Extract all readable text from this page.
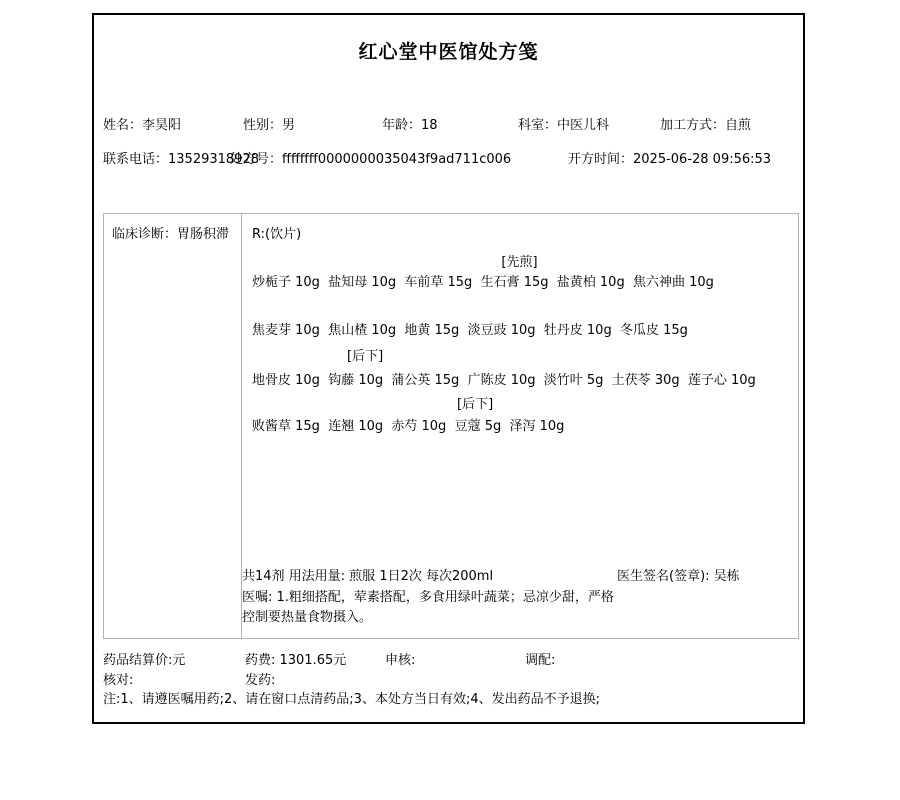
红心堂中医馆处方笺
姓名：李昊阳	性别：男	年龄：18	科室：中医儿科	加工方式：自煎
联系电话：13529318928
处方号：ffffffff0000000035043f9ad711c006	开方时间：2025-06-28 09:56:53
临床诊断：胃肠积滞	R:(饮片)
[先煎]
炒栀子 10g  盐知母 10g  车前草 15g  生石膏 15g  盐黄柏 10g  焦六神曲 10g
焦麦芽 10g  焦山楂 10g  地黄 15g  淡豆豉 10g  牡丹皮 10g  冬瓜皮 15g
[后下]
地骨皮 10g  钩藤 10g  蒲公英 15g  广陈皮 10g  淡竹叶 5g  土茯苓 30g  莲子心 10g
[后下]
败酱草 15g  连翘 10g  赤芍 10g  豆蔻 5g  泽泻 10g
共14剂 用法用量: 煎服 1日2次 每次200ml	医生签名(签章): 吴栋
医嘱: 1.粗细搭配，荤素搭配，多食用绿叶蔬菜；忌凉少甜，严格
控制要热量食物摄入。
药品结算价:元	药费: 1301.65元	申核:	调配:
核对:	发药:
注:1、请遵医嘱用药;2、请在窗口点清药品;3、本处方当日有效;4、发出药品不予退换;
